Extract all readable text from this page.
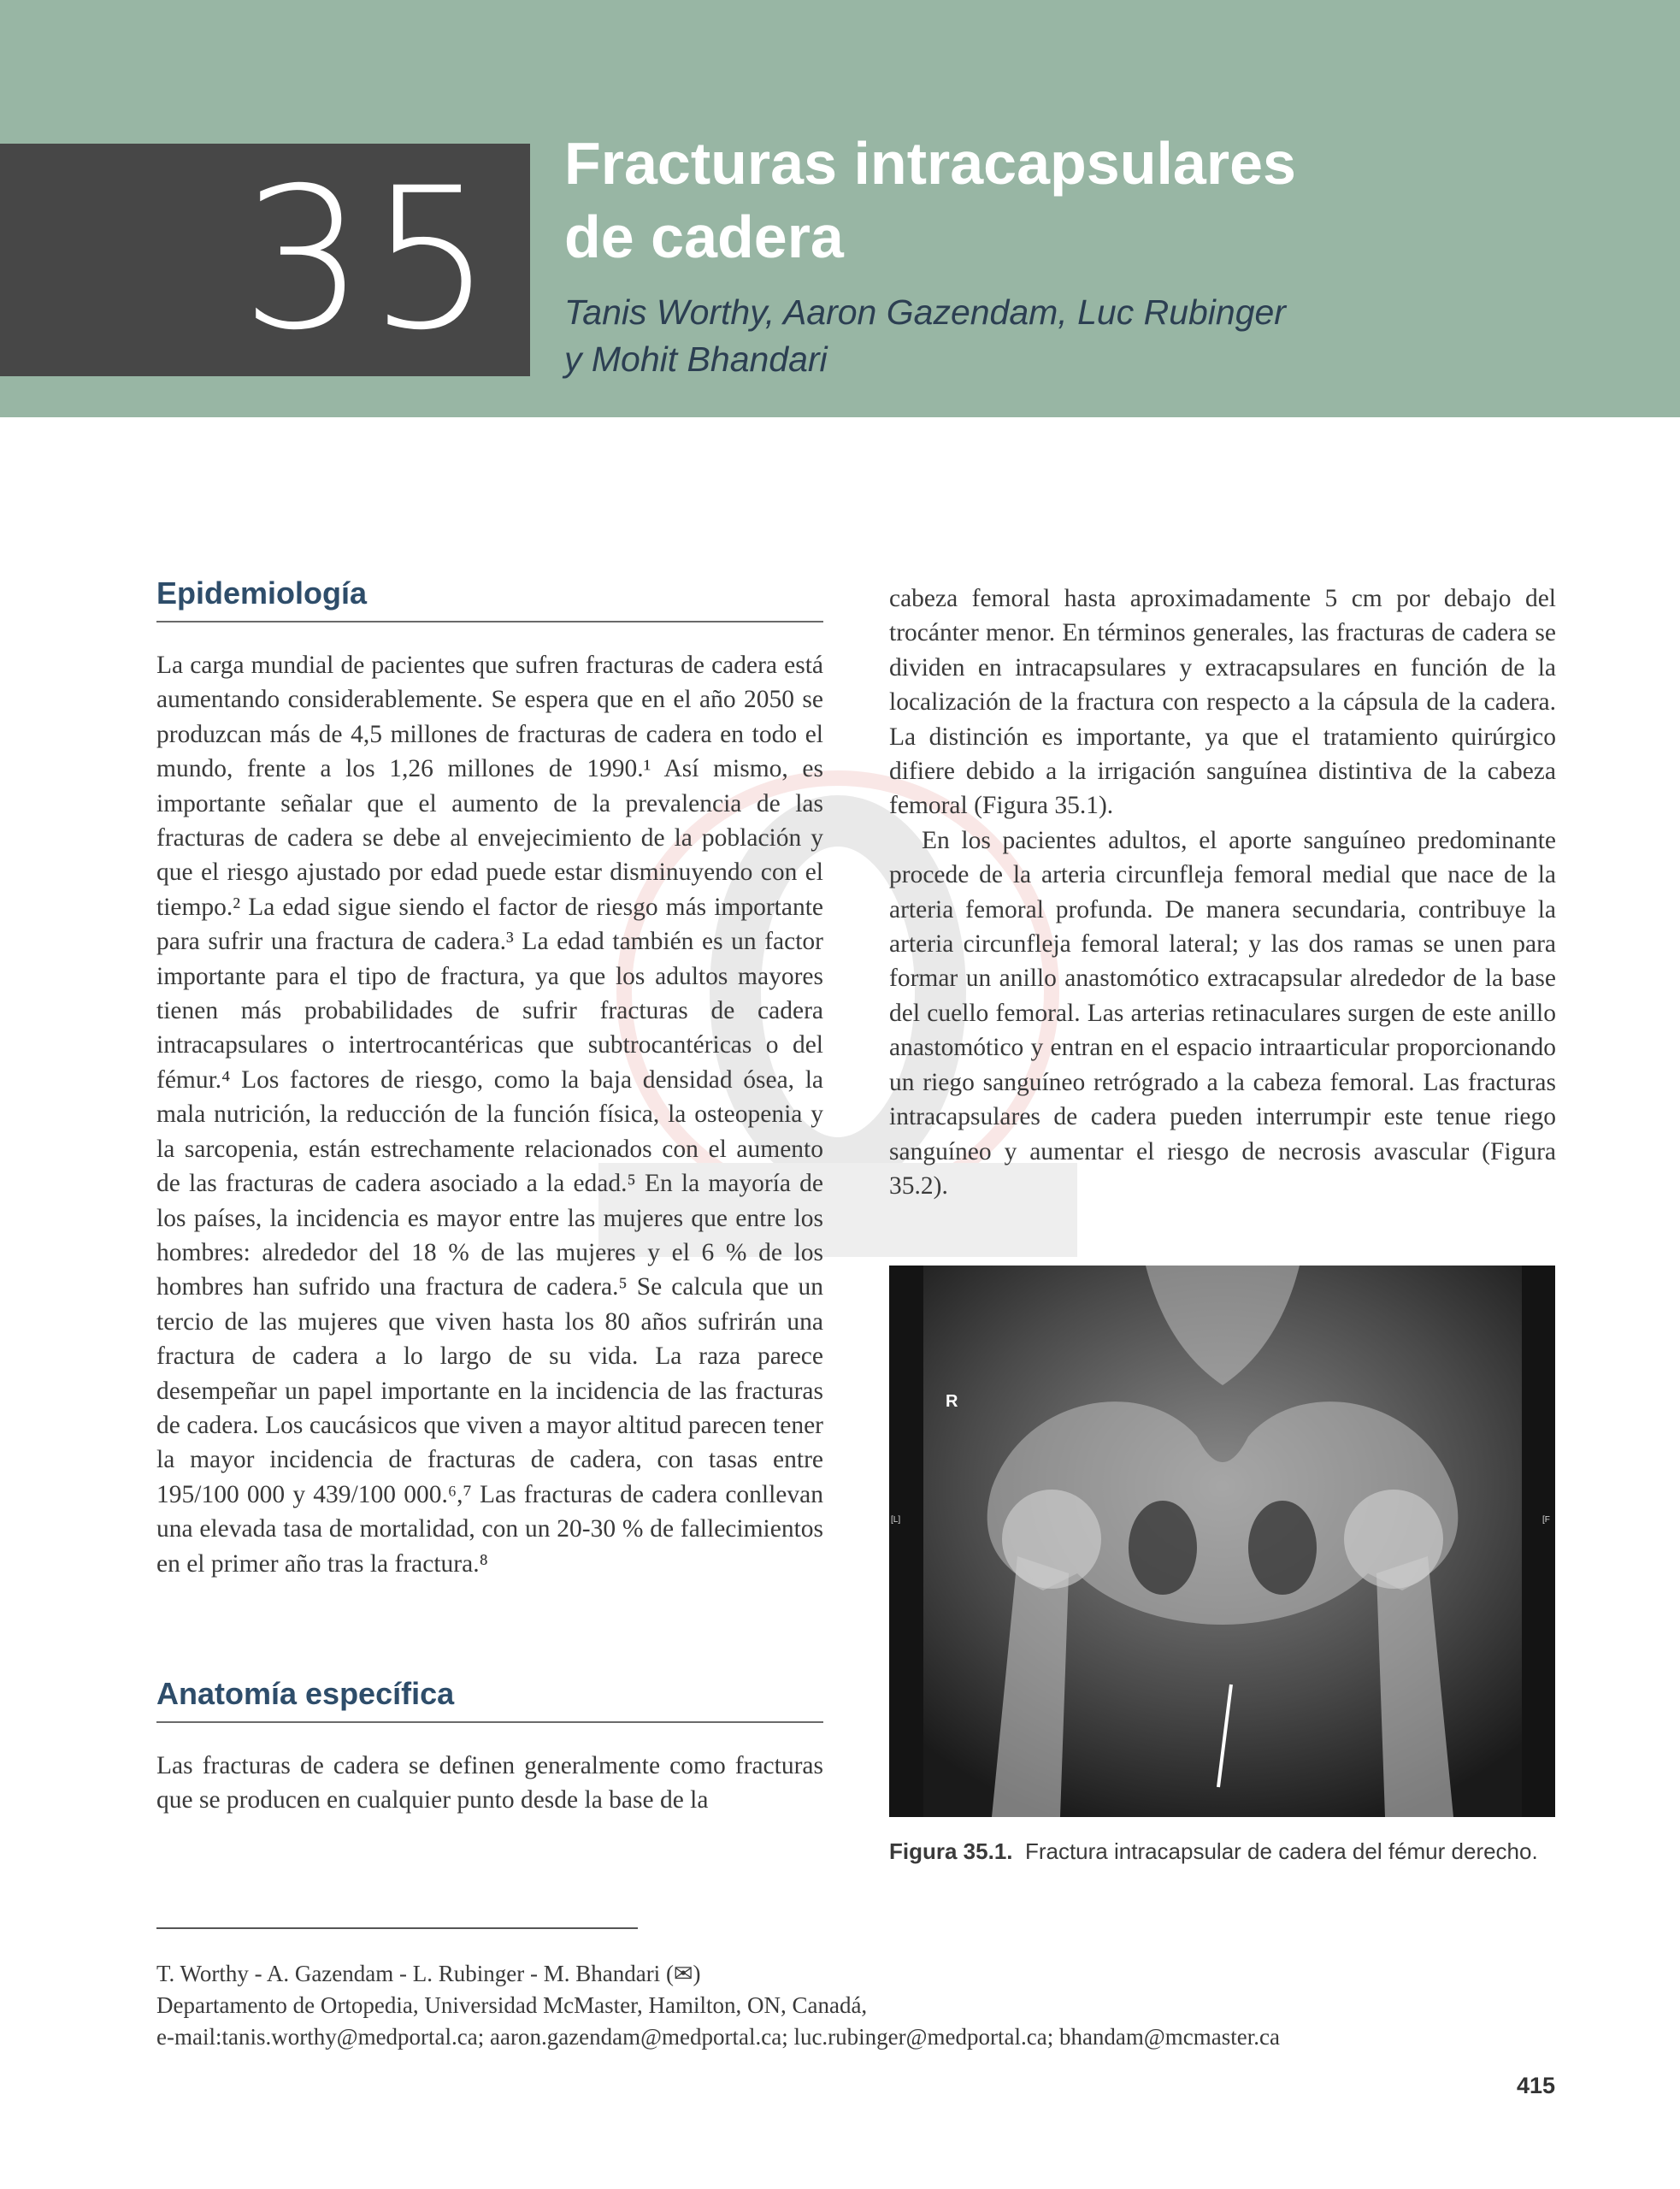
35 Fracturas intracapsulares
de cadera
Tanis Worthy, Aaron Gazendam, Luc Rubinger
y Mohit Bhandari
Epidemiología

La carga mundial de pacientes que sufren fracturas de cadera está aumentando considerablemente. Se espera que en el año 2050 se produzcan más de 4,5 millones de fracturas de cadera en todo el mundo, frente a los 1,26 millones de 1990.¹ Así mismo, es importante señalar que el aumento de la prevalencia de las fracturas de cadera se debe al envejecimiento de la población y que el riesgo ajustado por edad puede estar disminuyendo con el tiempo.² La edad sigue siendo el factor de riesgo más importante para sufrir una fractura de cadera.³ La edad también es un factor importante para el tipo de fractura, ya que los adultos mayores tienen más probabilidades de sufrir fracturas de cadera intracapsulares o intertrocantéricas que subtrocantéricas o del fémur.⁴ Los factores de riesgo, como la baja densidad ósea, la mala nutrición, la reducción de la función física, la osteopenia y la sarcopenia, están estrechamente relacionados con el aumento de las fracturas de cadera asociado a la edad.⁵ En la mayoría de los países, la incidencia es mayor entre las mujeres que entre los hombres: alrededor del 18 % de las mujeres y el 6 % de los hombres han sufrido una fractura de cadera.⁵ Se calcula que un tercio de las mujeres que viven hasta los 80 años sufrirán una fractura de cadera a lo largo de su vida. La raza parece desempeñar un papel importante en la incidencia de las fracturas de cadera. Los caucásicos que viven a mayor altitud parecen tener la mayor incidencia de fracturas de cadera, con tasas entre 195/100 000 y 439/100 000.⁶,⁷ Las fracturas de cadera conllevan una elevada tasa de mortalidad, con un 20-30 % de fallecimientos en el primer año tras la fractura.⁸

Anatomía específica

Las fracturas de cadera se definen generalmente como fracturas que se producen en cualquier punto desde la base de la

cabeza femoral hasta aproximadamente 5 cm por debajo del trocánter menor. En términos generales, las fracturas de cadera se dividen en intracapsulares y extracapsulares en función de la localización de la fractura con respecto a la cápsula de la cadera. La distinción es importante, ya que el tratamiento quirúrgico difiere debido a la irrigación sanguínea distintiva de la cabeza femoral (Figura 35.1).

En los pacientes adultos, el aporte sanguíneo predominante procede de la arteria circunfleja femoral medial que nace de la arteria femoral profunda. De manera secundaria, contribuye la arteria circunfleja femoral lateral; y las dos ramas se unen para formar un anillo anastomótico extracapsular alrededor de la base del cuello femoral. Las arterias retinaculares surgen de este anillo anastomótico y entran en el espacio intraarticular proporcionando un riego sanguíneo retrógrado a la cabeza femoral. Las fracturas intracapsulares de cadera pueden interrumpir este tenue riego sanguíneo y aumentar el riesgo de necrosis avascular (Figura 35.2).

R
[L]	[F
Figura 35.1. Fractura intracapsular de cadera del fémur derecho.
T. Worthy - A. Gazendam - L. Rubinger - M. Bhandari (✉)
Departamento de Ortopedia, Universidad McMaster, Hamilton, ON, Canadá,
e-mail:tanis.worthy@medportal.ca; aaron.gazendam@medportal.ca; luc.rubinger@medportal.ca; bhandam@mcmaster.ca
415
